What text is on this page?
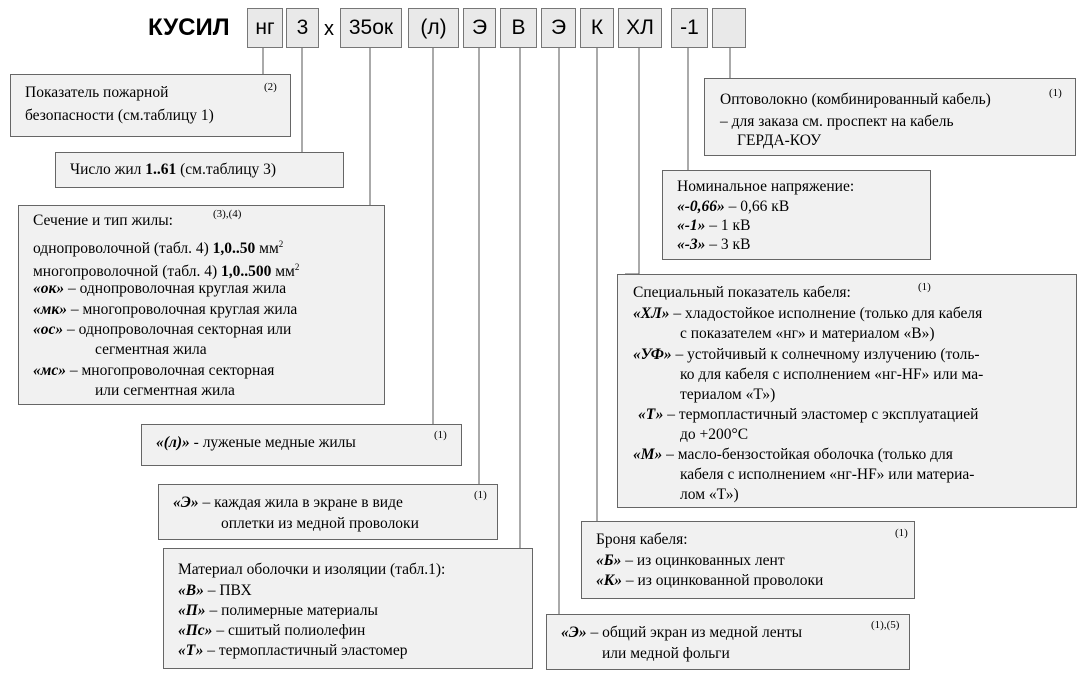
КУСИЛ	нг	3 х 35ок	(л)	Э	В	Э	К	ХЛ	-1
Показатель пожарной
безопасности (см.таблицу 1)
(2)
Число жил 1..61 (см.таблицу 3)
Сечение и тип жилы:	(3),(4)
однопроволочной (табл. 4) 1,0..50 $мм^2$
многопроволочной (табл. 4) 1,0..500 $мм^2$
«ок» – однопроволочная круглая жила
«мк» – многопроволочная круглая жила
«ос» – однопроволочная секторная или
сегментная жила
«мс» – многопроволочная секторная
или сегментная жила
«(л)» - луженые медные жилы	(1)
«Э» – каждая жила в экране в виде
оплетки из медной проволоки
(1)
Материал оболочки и изоляции (табл.1):
«В» – ПВХ
«П» – полимерные материалы
«Пс» – сшитый полиолефин
«Т» – термопластичный эластомер
«Э» – общий экран из медной ленты
или медной фольги
(1),(5)
Броня кабеля:	(1)
«Б» – из оцинкованных лент
«К» – из оцинкованной проволоки
Специальный показатель кабеля:	(1)
«ХЛ» – хладостойкое исполнение (только для кабеля
с показателем «нг» и материалом «В»)
«УФ» – устойчивый к солнечному излучению (толь-
ко для кабеля с исполнением «нг-HF» или ма-
териалом «Т»)
«Т» – термопластичный эластомер с эксплуатацией
до +200°С
«М» – масло-бензостойкая оболочка (только для
кабеля с исполнением «нг-HF» или материа-
лом «Т»)
Номинальное напряжение:
«-0,66» – 0,66 кВ
«-1» – 1 кВ
«-3» – 3 кВ
Оптоволокно (комбинированный кабель)	(1)
– для заказа см. проспект на кабель
ГЕРДА-КОУ
